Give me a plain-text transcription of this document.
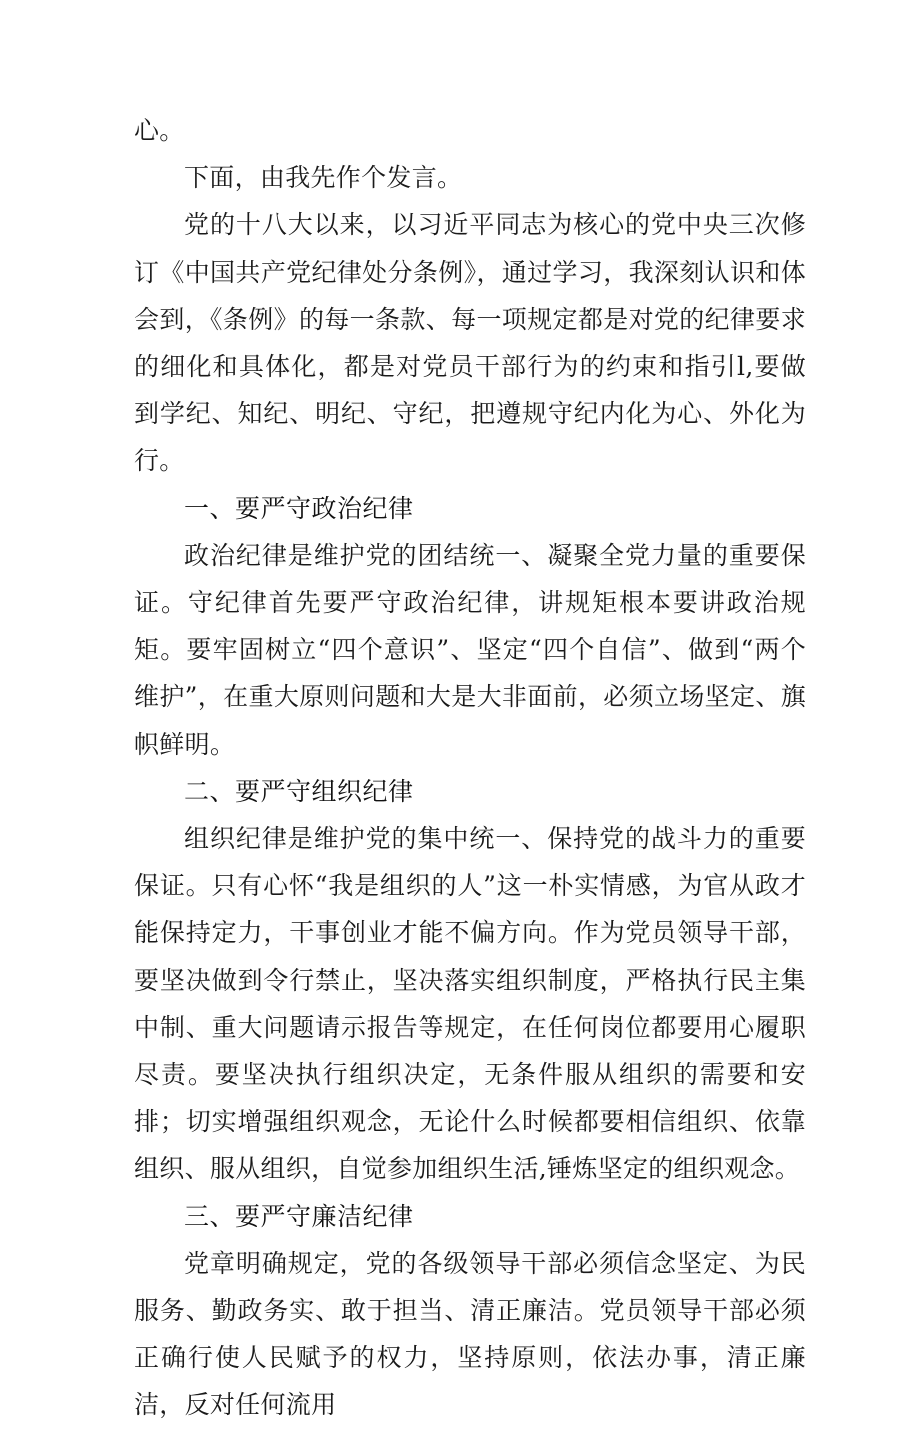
心。

下面，由我先作个发言。

党的十八大以来，以习近平同志为核心的党中央三次修订《中国共产党纪律处分条例》，通过学习，我深刻认识和体会到，《条例》的每一条款、每一项规定都是对党的纪律要求的细化和具体化，都是对党员干部行为的约束和指引l,要做到学纪、知纪、明纪、守纪，把遵规守纪内化为心、外化为行。

一、要严守政治纪律

政治纪律是维护党的团结统一、凝聚全党力量的重要保证。守纪律首先要严守政治纪律，讲规矩根本要讲政治规矩。要牢固树立“四个意识”、坚定“四个自信”、做到“两个维护”，在重大原则问题和大是大非面前，必须立场坚定、旗帜鲜明。

二、要严守组织纪律

组织纪律是维护党的集中统一、保持党的战斗力的重要保证。只有心怀“我是组织的人”这一朴实情感，为官从政才能保持定力，干事创业才能不偏方向。作为党员领导干部，要坚决做到令行禁止，坚决落实组织制度，严格执行民主集中制、重大问题请示报告等规定，在任何岗位都要用心履职尽责。要坚决执行组织决定，无条件服从组织的需要和安排；切实增强组织观念，无论什么时候都要相信组织、依靠组织、服从组织，自觉参加组织生活,锤炼坚定的组织观念。

三、要严守廉洁纪律

党章明确规定，党的各级领导干部必须信念坚定、为民服务、勤政务实、敢于担当、清正廉洁。党员领导干部必须正确行使人民赋予的权力，坚持原则，依法办事，清正廉洁，反对任何流用
